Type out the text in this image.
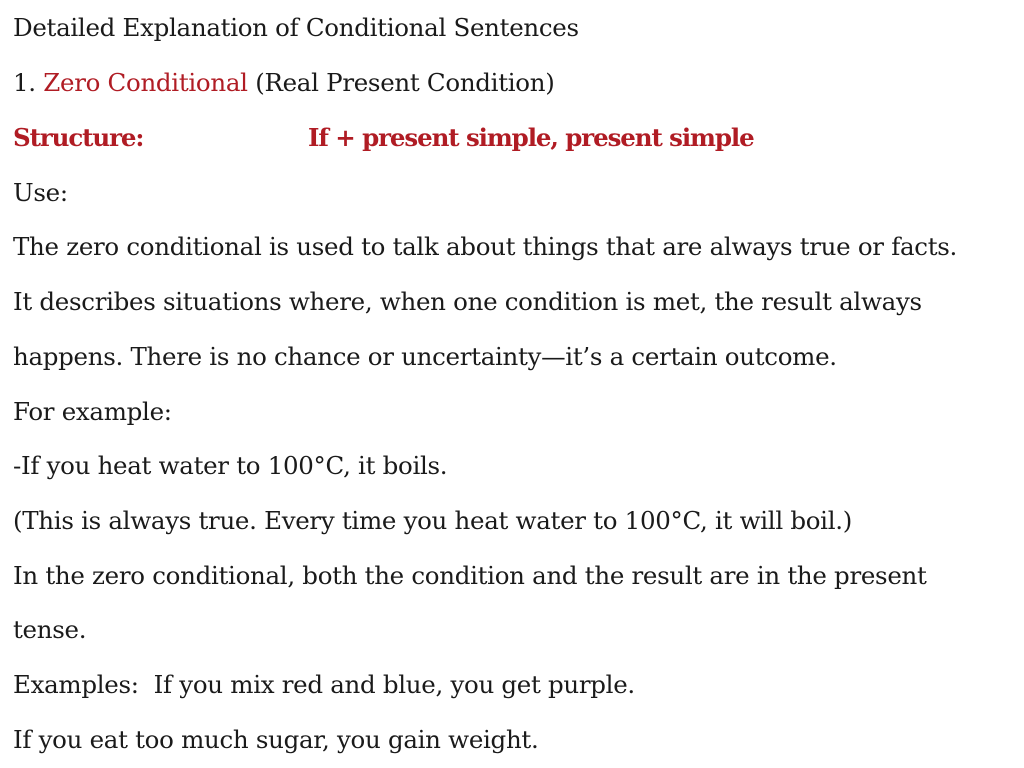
Detailed Explanation of Conditional Sentences
1. Zero Conditional (Real Present Condition)
Structure:	If + present simple, present simple
Use:
The zero conditional is used to talk about things that are always true or facts.
It describes situations where, when one condition is met, the result always
happens. There is no chance or uncertainty—it’s a certain outcome.
For example:
-If you heat water to 100°C, it boils.
(This is always true. Every time you heat water to 100°C, it will boil.)
In the zero conditional, both the condition and the result are in the present
tense.
Examples: If you mix red and blue, you get purple.
If you eat too much sugar, you gain weight.
